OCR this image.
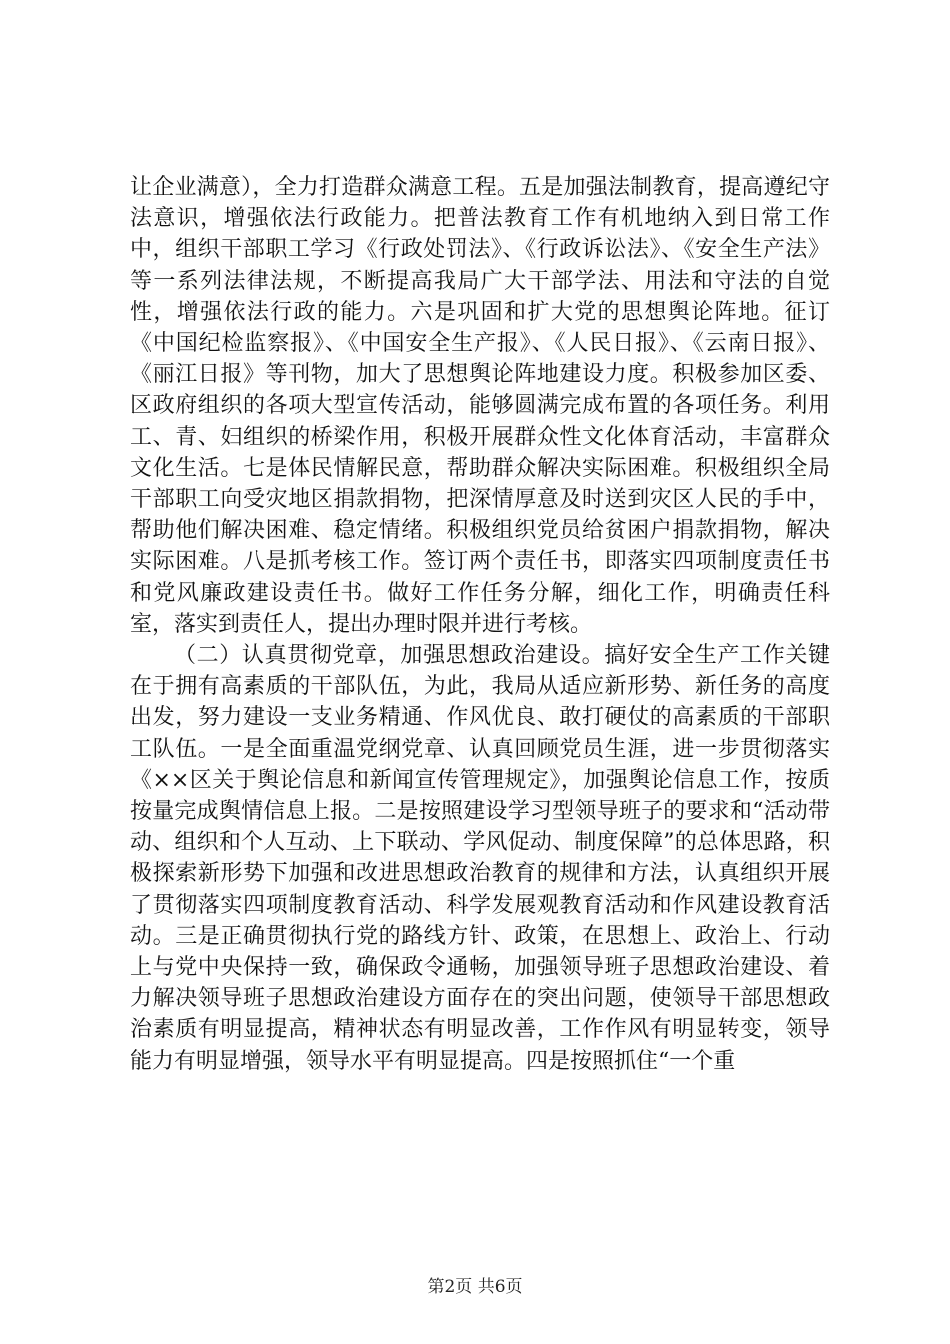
让企业满意），全力打造群众满意工程。五是加强法制教育，提高遵纪守法意识，增强依法行政能力。把普法教育工作有机地纳入到日常工作中，组织干部职工学习《行政处罚法》、《行政诉讼法》、《安全生产法》等一系列法律法规，不断提高我局广大干部学法、用法和守法的自觉性，增强依法行政的能力。六是巩固和扩大党的思想舆论阵地。征订《中国纪检监察报》、《中国安全生产报》、《人民日报》、《云南日报》、《丽江日报》等刊物，加大了思想舆论阵地建设力度。积极参加区委、区政府组织的各项大型宣传活动，能够圆满完成布置的各项任务。利用工、青、妇组织的桥梁作用，积极开展群众性文化体育活动，丰富群众文化生活。七是体民情解民意，帮助群众解决实际困难。积极组织全局干部职工向受灾地区捐款捐物，把深情厚意及时送到灾区人民的手中，帮助他们解决困难、稳定情绪。积极组织党员给贫困户捐款捐物，解决实际困难。八是抓考核工作。签订两个责任书，即落实四项制度责任书和党风廉政建设责任书。做好工作任务分解，细化工作，明确责任科室，落实到责任人，提出办理时限并进行考核。

（二）认真贯彻党章，加强思想政治建设。搞好安全生产工作关键在于拥有高素质的干部队伍，为此，我局从适应新形势、新任务的高度出发，努力建设一支业务精通、作风优良、敢打硬仗的高素质的干部职工队伍。一是全面重温党纲党章、认真回顾党员生涯，进一步贯彻落实《××区关于舆论信息和新闻宣传管理规定》，加强舆论信息工作，按质按量完成舆情信息上报。二是按照建设学习型领导班子的要求和“活动带动、组织和个人互动、上下联动、学风促动、制度保障”的总体思路，积极探索新形势下加强和改进思想政治教育的规律和方法，认真组织开展了贯彻落实四项制度教育活动、科学发展观教育活动和作风建设教育活动。三是正确贯彻执行党的路线方针、政策，在思想上、政治上、行动上与党中央保持一致，确保政令通畅，加强领导班子思想政治建设、着力解决领导班子思想政治建设方面存在的突出问题，使领导干部思想政治素质有明显提高，精神状态有明显改善，工作作风有明显转变，领导能力有明显增强，领导水平有明显提高。四是按照抓住“一个重

第2页 共6页
